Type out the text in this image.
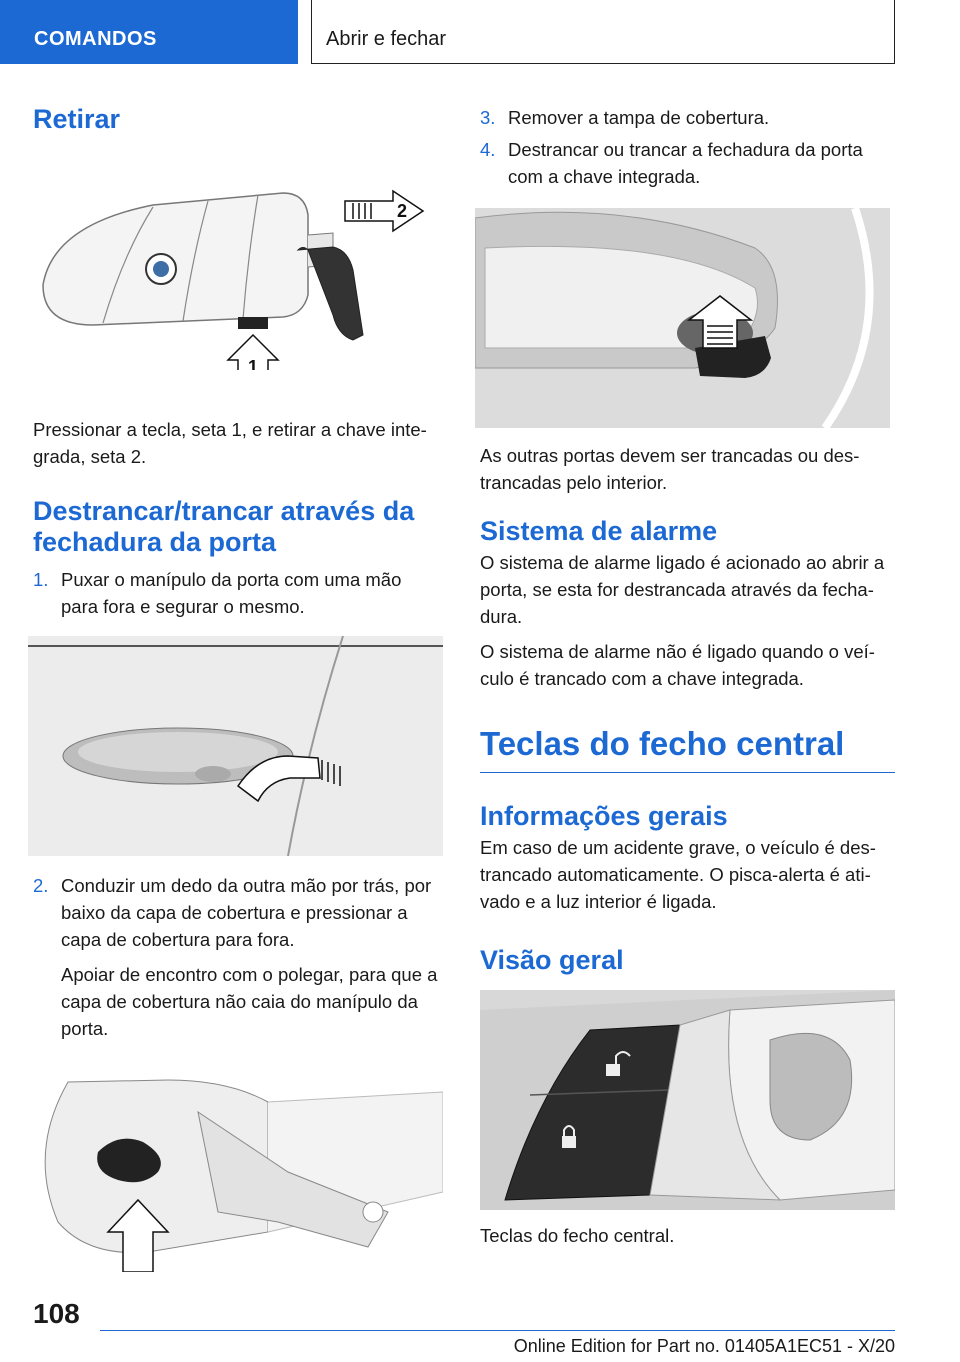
COMANDOS	Abrir e fechar
Retirar
2
1

Pressionar a tecla, seta 1, e retirar a chave inte-grada, seta 2.

Destrancar/trancar através da fechadura da porta
1. Puxar o manípulo da porta com uma mão para fora e segurar o mesmo.
2. Conduzir um dedo da outra mão por trás, por baixo da capa de cobertura e pressionar a capa de cobertura para fora.

Apoiar de encontro com o polegar, para que a capa de cobertura não caia do manípulo da porta.

3. Remover a tampa de cobertura.
4. Destrancar ou trancar a fechadura da porta com a chave integrada.

As outras portas devem ser trancadas ou des-trancadas pelo interior.

Sistema de alarme

O sistema de alarme ligado é acionado ao abrir a porta, se esta for destrancada através da fecha-dura.

O sistema de alarme não é ligado quando o veí-culo é trancado com a chave integrada.

Teclas do fecho central
Informações gerais

Em caso de um acidente grave, o veículo é des-trancado automaticamente. O pisca-alerta é ati-vado e a luz interior é ligada.

Visão geral

Teclas do fecho central.

108
Online Edition for Part no. 01405A1EC51 - X/20
